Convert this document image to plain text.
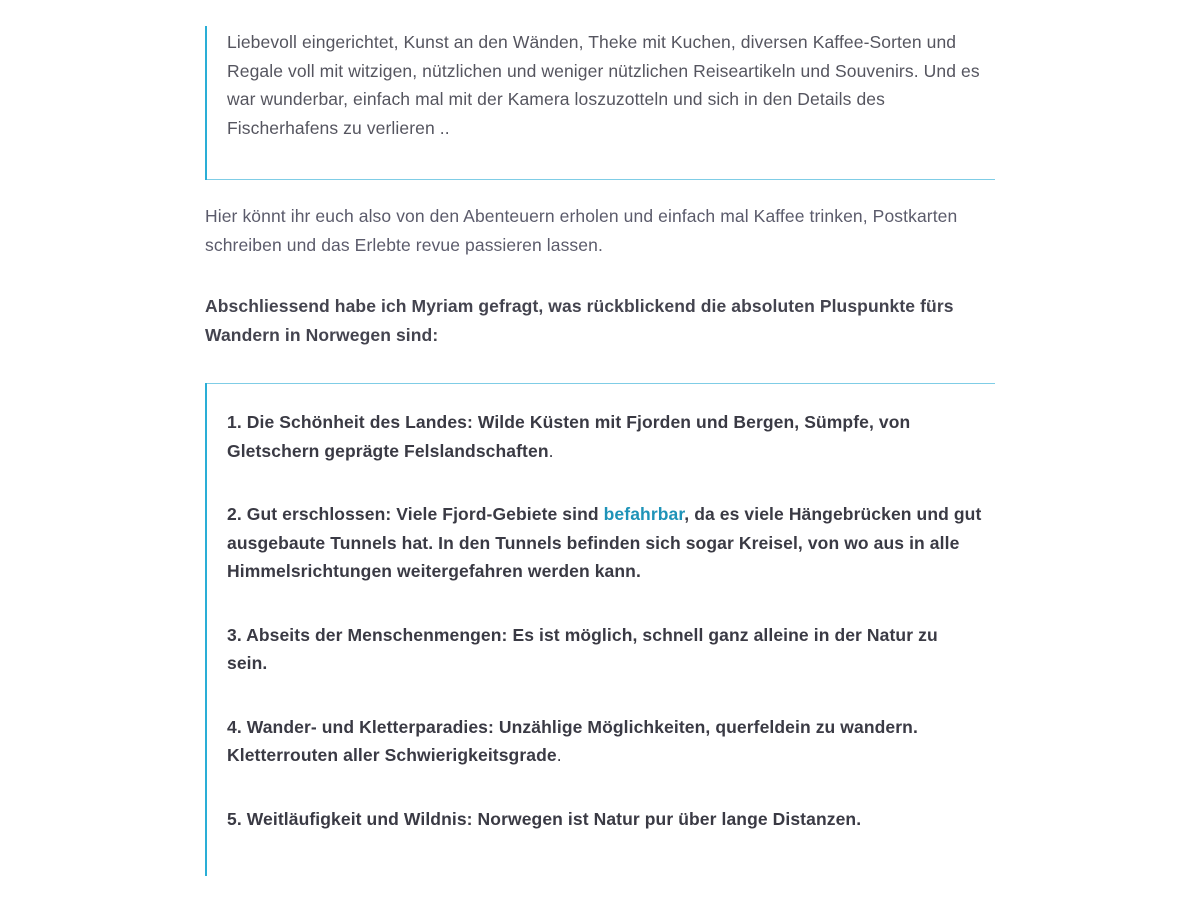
Liebevoll eingerichtet, Kunst an den Wänden, Theke mit Kuchen, diversen Kaffee-Sorten und Regale voll mit witzigen, nützlichen und weniger nützlichen Reiseartikeln und Souvenirs. Und es war wunderbar, einfach mal mit der Kamera loszuzotteln und sich in den Details des Fischerhafens zu verlieren ..

Hier könnt ihr euch also von den Abenteuern erholen und einfach mal Kaffee trinken, Postkarten schreiben und das Erlebte revue passieren lassen.

Abschliessend habe ich Myriam gefragt, was rückblickend die absoluten Pluspunkte fürs Wandern in Norwegen sind:

1. Die Schönheit des Landes: Wilde Küsten mit Fjorden und Bergen, Sümpfe, von Gletschern geprägte Felslandschaften.

2. Gut erschlossen: Viele Fjord-Gebiete sind befahrbar, da es viele Hängebrücken und gut ausgebaute Tunnels hat. In den Tunnels befinden sich sogar Kreisel, von wo aus in alle Himmelsrichtungen weitergefahren werden kann.

3. Abseits der Menschenmengen: Es ist möglich, schnell ganz alleine in der Natur zu sein.

4. Wander- und Kletterparadies: Unzählige Möglichkeiten, querfeldein zu wandern. Kletterrouten aller Schwierigkeitsgrade.

5. Weitläufigkeit und Wildnis: Norwegen ist Natur pur über lange Distanzen.
